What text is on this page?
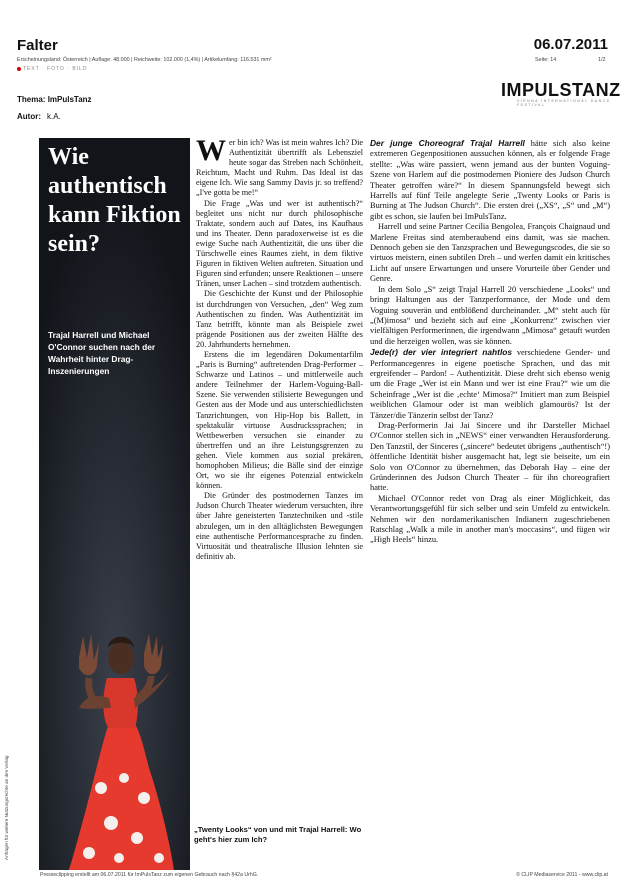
Falter	06.07.2011
Erscheinungsland: Österreich | Auflage: 48.000 | Reichweite: 102.000 (1,4%) | Artikelumfang: 116.531 mm²	Seite: 14	1/2
TEXT · FOTO · BILD
IMPULSTANZ
VIENNA INTERNATIONAL DANCE FESTIVAL
Thema: ImPulsTanz
Autor: k.A.
Wie authentisch kann Fiktion sein?
Trajal Harrell und Michael O'Connor suchen nach der Wahrheit hinter Drag-Inszenierungen
Anfragen für weitere Nutzungsrechte an den Verlag

Wer bin ich? Was ist mein wahres Ich? Die Authentizität übertrifft als Lebensziel heute sogar das Streben nach Schönheit, Reichtum, Macht und Ruhm. Das Ideal ist das eigene Ich. Wie sang Sammy Davis jr. so treffend? „I've gotta be me!“

Die Frage „Was und wer ist authentisch?“ begleitet uns nicht nur durch philosophische Traktate, sondern auch auf Dates, ins Kaufhaus und ins Theater. Denn paradoxerweise ist es die ewige Suche nach Authentizität, die uns über die Türschwelle eines Raumes zieht, in dem fiktive Figuren in fiktiven Welten auftreten. Situation und Figuren sind erfunden; unsere Reaktionen – unsere Tränen, unser Lachen – sind trotzdem authentisch.

Die Geschichte der Kunst und der Philosophie ist durchdrungen von Versuchen, „den“ Weg zum Authentischen zu finden. Was Authentizität im Tanz betrifft, könnte man als Beispiele zwei prägende Positionen aus der zweiten Hälfte des 20. Jahrhunderts hernehmen.

Erstens die im legendären Dokumentarfilm „Paris is Burning“ auftretenden Drag-Performer – Schwarze und Latinos – und mittlerweile auch andere Teilnehmer der Harlem-Voguing-Ball-Szene. Sie verwenden stilisierte Bewegungen und Gesten aus der Mode und aus unterschiedlichsten Tanzrichtungen, von Hip-Hop bis Ballett, in spektakulär virtuose Ausdruckssprachen; in Wettbewerben versuchen sie einander zu übertreffen und an ihre Leistungsgrenzen zu gehen. Viele kommen aus sozial prekären, homophoben Milieus; die Bälle sind der einzige Ort, wo sie ihr eigenes Potenzial entwickeln können.

Die Gründer des postmodernen Tanzes im Judson Church Theater wiederum versuchten, ihre über Jahre geneisterten Tanztechniken und -stile abzulegen, um in den alltäglichsten Bewegungen eine authentische Performancesprache zu finden. Virtuosität und theatralische Illusion lehnten sie definitiv ab.

„Twenty Looks“ von und mit Trajal Harrell: Wo geht's hier zum Ich?

Der junge Choreograf Trajal Harrell hätte sich also keine extremeren Gegenpositionen aussuchen können, als er folgende Frage stellte: „Was wäre passiert, wenn jemand aus der bunten Voguing-Szene von Harlem auf die postmodernen Pioniere des Judson Church Theater getroffen wäre?“ In diesem Spannungsfeld bewegt sich Harrells auf fünf Teile angelegte Serie „Twenty Looks or Paris is Burning at The Judson Church“. Die ersten drei („XS“, „S“ und „M“) gibt es schon, sie laufen bei ImPulsTanz.

Harrell und seine Partner Cecilia Bengolea, François Chaignaud und Marlene Freitas sind atemberaubend eins damit, was sie machen. Dennoch geben sie den Tanzsprachen und Bewegungscodes, die sie so virtuos meistern, einen subtilen Dreh – und werfen damit ein kritisches Licht auf unsere Erwartungen und unsere Vorurteile über Gender und Genre.

In dem Solo „S“ zeigt Trajal Harrell 20 verschiedene „Looks“ und bringt Haltungen aus der Tanzperformance, der Mode und dem Voguing souverän und entblößend durcheinander. „M“ steht auch für „(M)imosa“ und bezieht sich auf eine „Konkurrenz“ zwischen vier vielfältigen Performerinnen, die irgendwann „Mimosa“ getauft wurden und die herzeigen wollen, was sie können.

Jede(r) der vier integriert nahtlos verschiedene Gender- und Performancegenres in eigene poetische Sprachen, und das mit ergreifender – Pardon! – Authentizität. Diese dreht sich ebenso wenig um die Frage „Wer ist ein Mann und wer ist eine Frau?“ wie um die Scheinfrage „Wer ist die ‚echte‘ Mimosa?“ Imitiert man zum Beispiel weiblichen Glamour oder ist man weiblich glamourös? Ist der Tänzer/die Tänzerin selbst der Tanz?

Drag-Performerin Jai Jai Sincere und ihr Darsteller Michael O'Connor stellen sich in „NEWS“ einer verwandten Herausforderung. Den Tanzstil, der Sinceres („sincere“ bedeutet übrigens „authentisch“!) öffentliche Identität bisher ausgemacht hat, legt sie beiseite, um ein Solo von O'Connor zu übernehmen, das Deborah Hay – eine der Gründerinnen des Judson Church Theater – für ihn choreografiert hatte.

Michael O'Connor redet von Drag als einer Möglichkeit, das Verantwortungsgefühl für sich selber und sein Umfeld zu entwickeln. Nehmen wir den nordamerikanischen Indianern zugeschriebenen Ratschlag „Walk a mile in another man's moccasins“, und fügen wir „High Heels“ hinzu.

Presseclipping erstellt am 06.07.2011 für ImPulsTanz zum eigenen Gebrauch nach §42a UrhG.	© CLIP Mediaservice 2011 - www.clip.at
